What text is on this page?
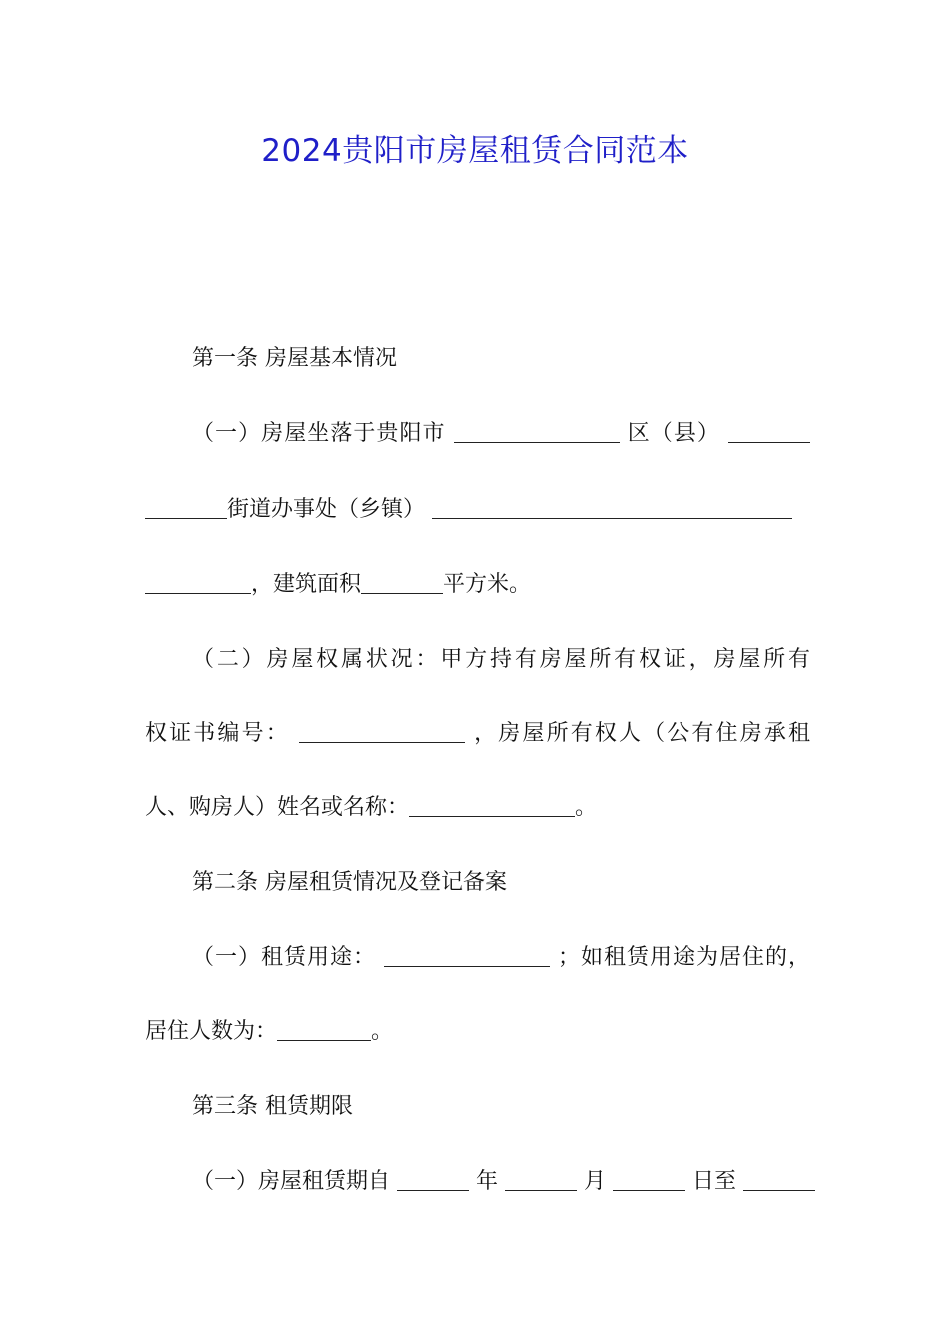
2024贵阳市房屋租赁合同范本
第一条 房屋基本情况
（一）房屋坐落于贵阳市	区（县）
街道办事处（乡镇）
，建筑面积	平方米。
（二）房屋权属状况：甲方持有房屋所有权证，房屋所有
权证书编号：	，房屋所有权人（公有住房承租
人、购房人）姓名或名称：	。
第二条 房屋租赁情况及登记备案
（一）租赁用途：	；如租赁用途为居住的，
居住人数为：	。
第三条 租赁期限
（一）房屋租赁期自	年	月	日至
